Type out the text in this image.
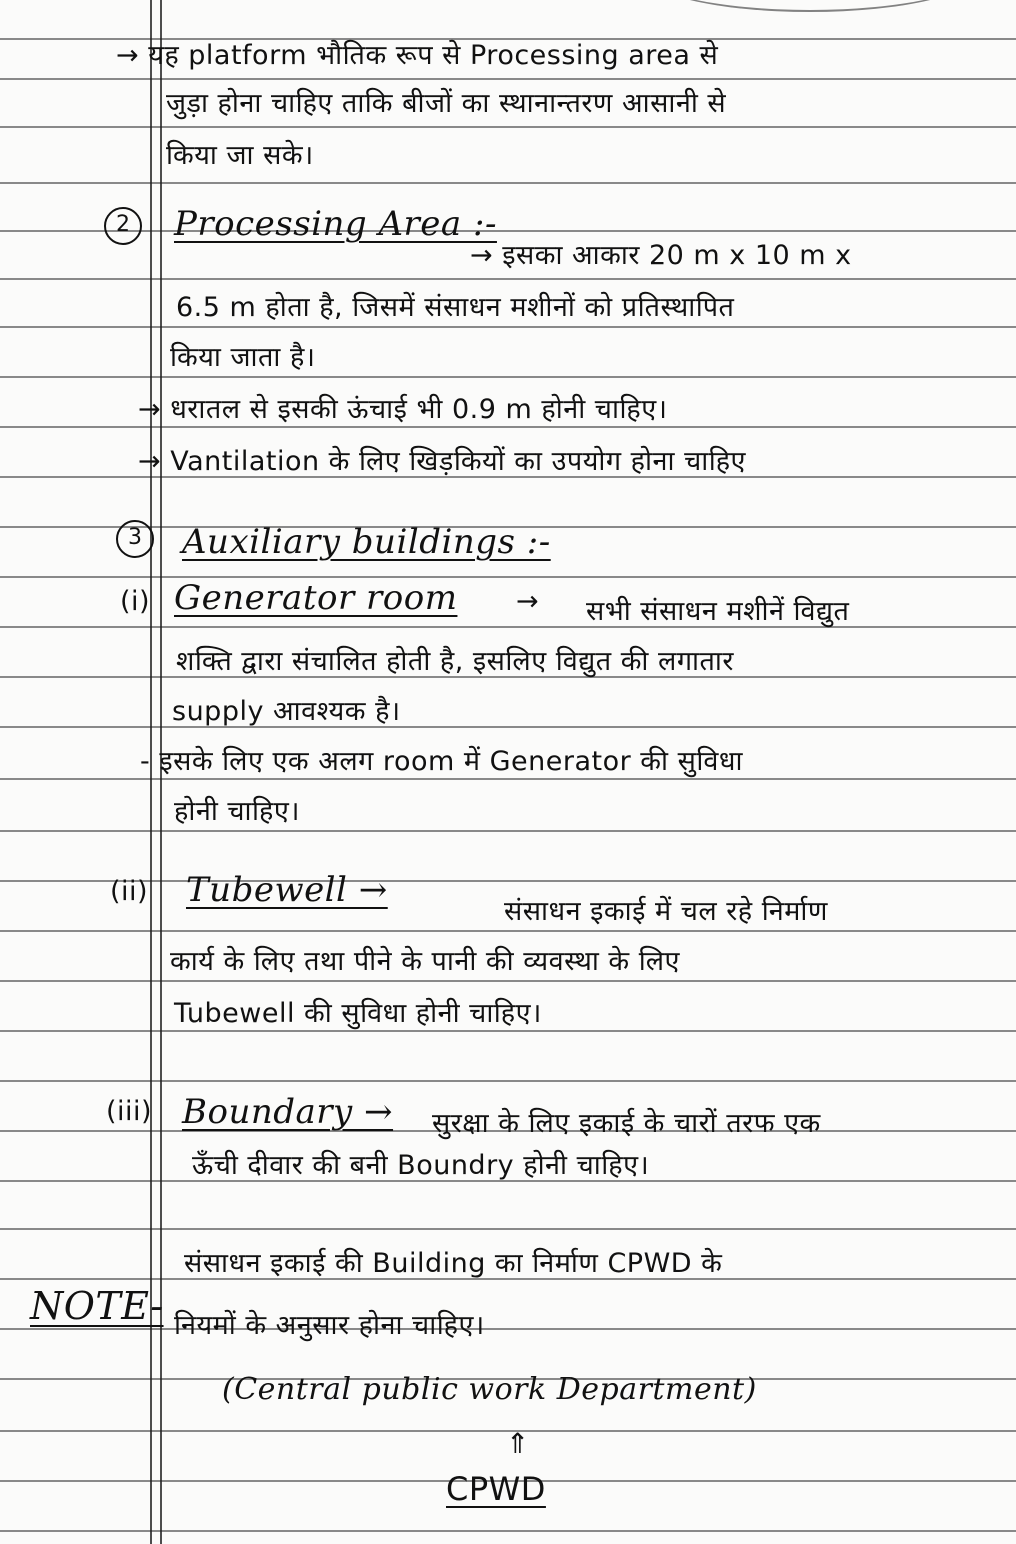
→ यह platform भौतिक रूप से Processing area से
जुड़ा होना चाहिए ताकि बीजों का स्थानान्तरण आसानी से
किया जा सके।
2	Processing Area :-
→ इसका आकार 20 m x 10 m x
6.5 m होता है, जिसमें संसाधन मशीनों को प्रतिस्थापित
किया जाता है।
→ धरातल से इसकी ऊंचाई भी 0.9 m होनी चाहिए।
→ Vantilation के लिए खिड़कियों का उपयोग होना चाहिए
3	Auxiliary buildings :-
(i) Generator room → सभी संसाधन मशीनें विद्युत
शक्ति द्वारा संचालित होती है, इसलिए विद्युत की लगातार
supply आवश्यक है।
- इसके लिए एक अलग room में Generator की सुविधा
होनी चाहिए।
(ii) Tubewell →
संसाधन इकाई में चल रहे निर्माण
कार्य के लिए तथा पीने के पानी की व्यवस्था के लिए
Tubewell की सुविधा होनी चाहिए।
(iii) Boundary → सुरक्षा के लिए इकाई के चारों तरफ एक
ऊँची दीवार की बनी Boundry होनी चाहिए।
NOTE-
संसाधन इकाई की Building का निर्माण CPWD के
नियमों के अनुसार होना चाहिए।
(Central public work Department)
⇑
CPWD
